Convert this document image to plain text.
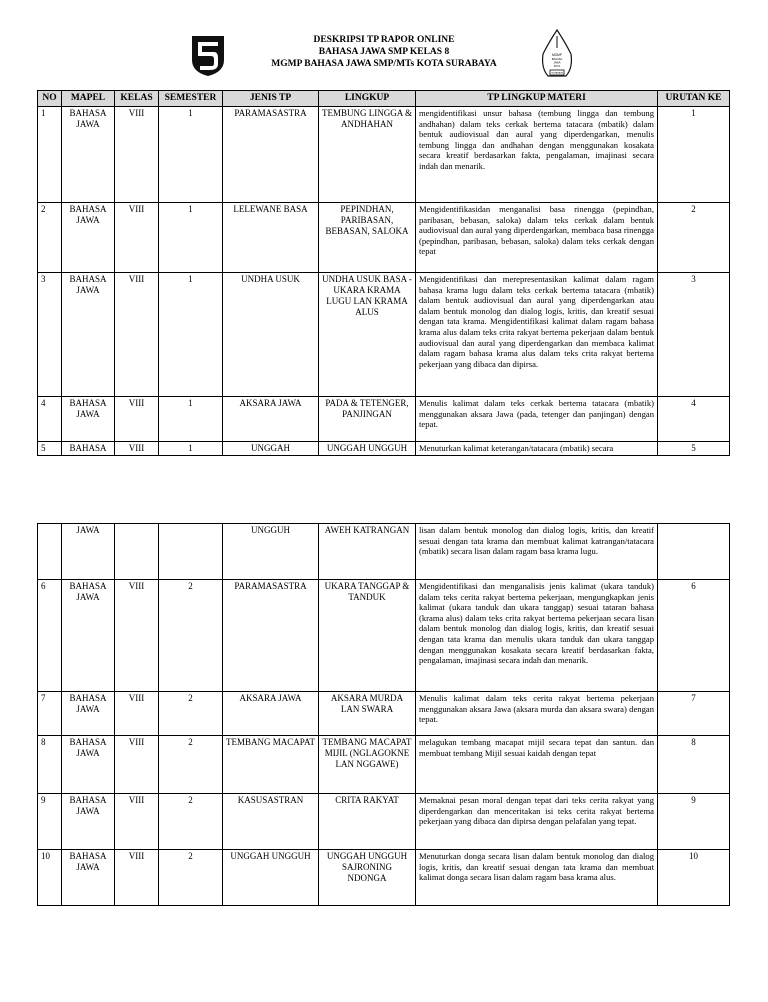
DESKRIPSI TP RAPOR ONLINE
BAHASA JAWA SMP KELAS 8
MGMP BAHASA JAWA SMP/MTs KOTA SURABAYA
MGMP
BAHASA
JAWA
KOTA
SURABAYA
NO	MAPEL	KELAS	SEMESTER	JENIS TP	LINGKUP	TP LINGKUP MATERI	URUTAN KE
1	BAHASA JAWA	VIII	1	PARAMASASTRA	TEMBUNG LINGGA & ANDHAHAN	mengidentifikasi unsur bahasa (tembung lingga dan tembung andhahan) dalam teks cerkak bertema tatacara (mbatik) dalam bentuk audiovisual dan aural yang diperdengarkan, menulis tembung lingga dan andhahan dengan menggunakan kosakata secara kreatif berdasarkan fakta, pengalaman, imajinasi secara indah dan menarik.	1
2	BAHASA JAWA	VIII	1	LELEWANE BASA	PEPINDHAN, PARIBASAN, BEBASAN, SALOKA	Mengidentifikasidan menganalisi basa rinengga (pepindhan, paribasan, bebasan, saloka) dalam teks cerkak dalam bentuk audiovisual dan aural yang diperdengarkan, membaca basa rinengga (pepindhan, paribasan, bebasan, saloka) dalam teks cerkak dengan tepat	2
3	BAHASA JAWA	VIII	1	UNDHA USUK	UNDHA USUK BASA - UKARA KRAMA LUGU LAN KRAMA ALUS	Mengidentifikasi dan merepresentasikan kalimat dalam ragam bahasa krama lugu dalam teks cerkak bertema tatacara (mbatik) dalam bentuk audiovisual dan aural yang diperdengarkan atau dalam bentuk monolog dan dialog logis, kritis, dan kreatif sesuai dengan tata krama. Mengidentifikasi kalimat dalam ragam bahasa krama alus dalam teks crita rakyat bertema pekerjaan dalam bentuk audiovisual dan aural yang diperdengarkan dan membaca kalimat dalam ragam bahasa krama alus dalam teks crita rakyat bertema pekerjaan yang dibaca dan dipirsa.	3
4	BAHASA JAWA	VIII	1	AKSARA JAWA	PADA & TETENGER, PANJINGAN	Menulis kalimat dalam teks cerkak bertema tatacara (mbatik) menggunakan aksara Jawa (pada, tetenger dan panjingan) dengan tepat.	4
5	BAHASA	VIII	1	UNGGAH	UNGGAH UNGGUH	Menuturkan kalimat keterangan/tatacara (mbatik) secara	5
	JAWA			UNGGUH	AWEH KATRANGAN	lisan dalam bentuk monolog dan dialog logis, kritis, dan kreatif sesuai dengan tata krama dan membuat kalimat katrangan/tatacara (mbatik) secara lisan dalam ragam basa krama lugu.	
6	BAHASA JAWA	VIII	2	PARAMASASTRA	UKARA TANGGAP & TANDUK	Mengidentifikasi dan menganalisis jenis kalimat (ukara tanduk) dalam teks cerita rakyat bertema pekerjaan, mengungkapkan jenis kalimat (ukara tanduk dan ukara tanggap) sesuai tataran bahasa (krama alus) dalam teks crita rakyat bertema pekerjaan secara lisan dalam bentuk monolog dan dialog logis, kritis, dan kreatif sesuai dengan tata krama dan menulis ukara tanduk dan ukara tanggap dengan menggunakan kosakata secara kreatif berdasarkan fakta, pengalaman, imajinasi secara indah dan menarik.	6
7	BAHASA JAWA	VIII	2	AKSARA JAWA	AKSARA MURDA LAN SWARA	Menulis kalimat dalam teks cerita rakyat bertema pekerjaan menggunakan aksara Jawa (aksara murda dan aksara swara) dengan tepat.	7
8	BAHASA JAWA	VIII	2	TEMBANG MACAPAT	TEMBANG MACAPAT MIJIL (NGLAGOKNE LAN NGGAWE)	melagukan tembang macapat mijil secara tepat dan santun. dan membuat tembang Mijil sesuai kaidah dengan tepat	8
9	BAHASA JAWA	VIII	2	KASUSASTRAN	CRITA RAKYAT	Memaknai pesan moral dengan tepat dari teks cerita rakyat yang diperdengarkan dan menceritakan isi teks cerita rakyat bertema pekerjaan yang dibaca dan dipirsa dengan pelafalan yang tepat.	9
10	BAHASA JAWA	VIII	2	UNGGAH UNGGUH	UNGGAH UNGGUH SAJRONING NDONGA	Menuturkan donga secara lisan dalam bentuk monolog dan dialog logis, kritis, dan kreatif sesuai dengan tata krama dan membuat kalimat donga secara lisan dalam ragam basa krama alus.	10
